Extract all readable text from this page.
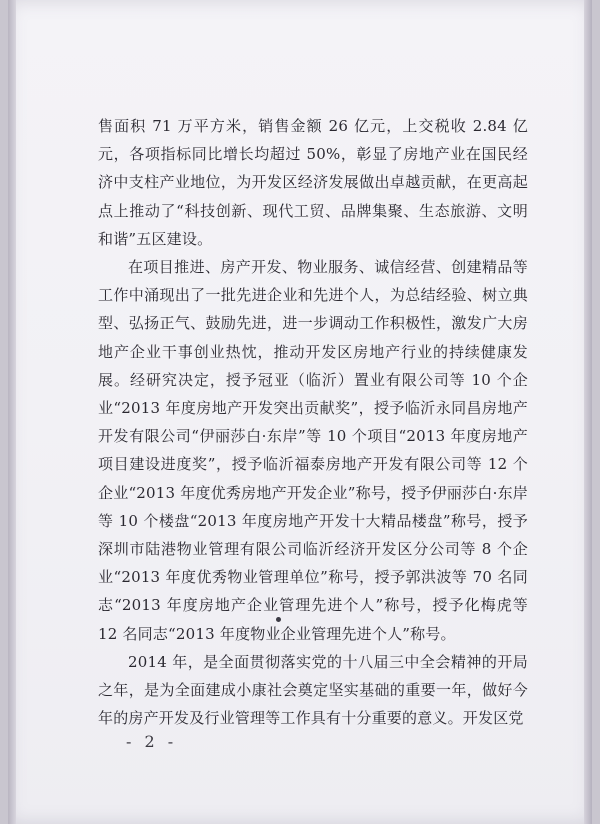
售面积 71 万平方米，销售金额 26 亿元，上交税收 2.84 亿元，各项指标同比增长均超过 50%，彰显了房地产业在国民经济中支柱产业地位，为开发区经济发展做出卓越贡献，在更高起点上推动了“科技创新、现代工贸、品牌集聚、生态旅游、文明和谐”五区建设。

在项目推进、房产开发、物业服务、诚信经营、创建精品等工作中涌现出了一批先进企业和先进个人，为总结经验、树立典型、弘扬正气、鼓励先进，进一步调动工作积极性，激发广大房地产企业干事创业热忱，推动开发区房地产行业的持续健康发展。经研究决定，授予冠亚（临沂）置业有限公司等 10 个企业“2013 年度房地产开发突出贡献奖”，授予临沂永同昌房地产开发有限公司“伊丽莎白·东岸”等 10 个项目“2013 年度房地产项目建设进度奖”，授予临沂福泰房地产开发有限公司等 12 个企业“2013 年度优秀房地产开发企业”称号，授予伊丽莎白·东岸等 10 个楼盘“2013 年度房地产开发十大精品楼盘”称号，授予深圳市陆港物业管理有限公司临沂经济开发区分公司等 8 个企业“2013 年度优秀物业管理单位”称号，授予郭洪波等 70 名同志“2013 年度房地产企业管理先进个人”称号，授予化梅虎等 12 名同志“2013 年度物业企业管理先进个人”称号。

2014 年，是全面贯彻落实党的十八届三中全会精神的开局之年，是为全面建成小康社会奠定坚实基础的重要一年，做好今年的房产开发及行业管理等工作具有十分重要的意义。开发区党

- 2 -
